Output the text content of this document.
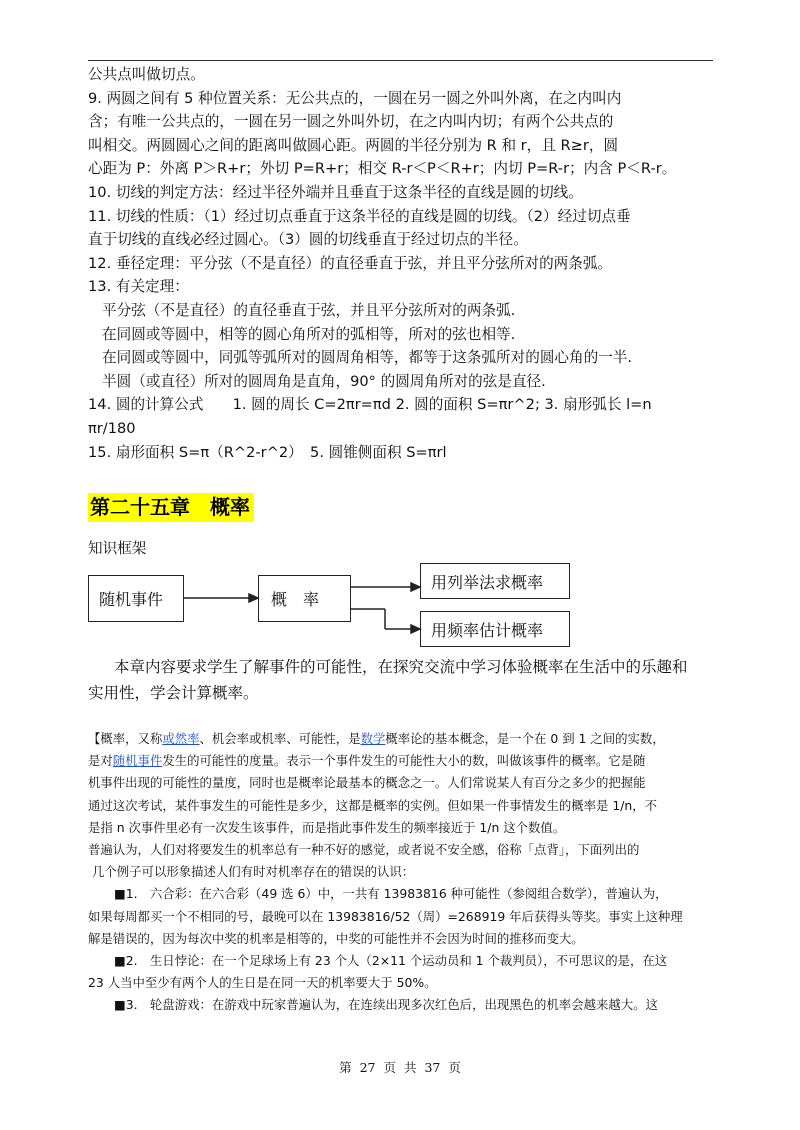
公共点叫做切点。
9. 两圆之间有 5 种位置关系：无公共点的，一圆在另一圆之外叫外离，在之内叫内
含；有唯一公共点的，一圆在另一圆之外叫外切，在之内叫内切；有两个公共点的
叫相交。两圆圆心之间的距离叫做圆心距。两圆的半径分别为 R 和 r，且 R≥r，圆
心距为 P：外离 P＞R+r；外切 P=R+r；相交 R-r＜P＜R+r；内切 P=R-r；内含 P＜R-r。
10. 切线的判定方法：经过半径外端并且垂直于这条半径的直线是圆的切线。
11. 切线的性质：（1）经过切点垂直于这条半径的直线是圆的切线。（2）经过切点垂
直于切线的直线必经过圆心。（3）圆的切线垂直于经过切点的半径。
12. 垂径定理：平分弦（不是直径）的直径垂直于弦，并且平分弦所对的两条弧。
13. 有关定理：
平分弦（不是直径）的直径垂直于弦，并且平分弦所对的两条弧.
在同圆或等圆中，相等的圆心角所对的弧相等，所对的弦也相等.
在同圆或等圆中，同弧等弧所对的圆周角相等，都等于这条弧所对的圆心角的一半.
半圆（或直径）所对的圆周角是直角，90° 的圆周角所对的弦是直径.
14. 圆的计算公式　　1. 圆的周长 C=2πr=πd 2. 圆的面积 S=πr^2; 3. 扇形弧长 l=n
πr/180
15. 扇形面积 S=π（R^2-r^2）　5. 圆锥侧面积 S=πrl
第二十五章　概率
知识框架
随机事件	概　率
用列举法求概率
用频率估计概率
本章内容要求学生了解事件的可能性，在探究交流中学习体验概率在生活中的乐趣和
实用性，学会计算概率。
【概率，又称或然率、机会率或机率、可能性，是数学概率论的基本概念，是一个在 0 到 1 之间的实数，
是对随机事件发生的可能性的度量。表示一个事件发生的可能性大小的数，叫做该事件的概率。它是随
机事件出现的可能性的量度，同时也是概率论最基本的概念之一。人们常说某人有百分之多少的把握能
通过这次考试，某件事发生的可能性是多少，这都是概率的实例。但如果一件事情发生的概率是 1/n，不
是指 n 次事件里必有一次发生该事件，而是指此事件发生的频率接近于 1/n 这个数值。
普遍认为，人们对将要发生的机率总有一种不好的感觉，或者说不安全感，俗称「点背」，下面列出的
几个例子可以形象描述人们有时对机率存在的错误的认识：
■1.　六合彩：在六合彩（49 选 6）中，一共有 13983816 种可能性（参阅组合数学），普遍认为，
如果每周都买一个不相同的号，最晚可以在 13983816/52（周）=268919 年后获得头等奖。事实上这种理
解是错误的，因为每次中奖的机率是相等的，中奖的可能性并不会因为时间的推移而变大。
■2.　生日悖论：在一个足球场上有 23 个人（2×11 个运动员和 1 个裁判员），不可思议的是，在这
23 人当中至少有两个人的生日是在同一天的机率要大于 50%。
■3.　轮盘游戏：在游戏中玩家普遍认为，在连续出现多次红色后，出现黑色的机率会越来越大。这
第 27 页 共 37 页
